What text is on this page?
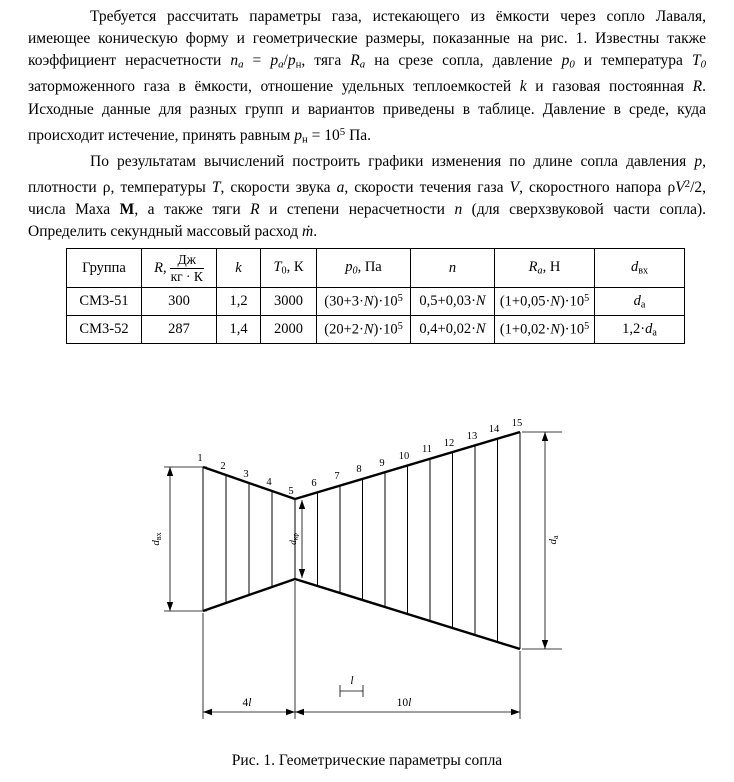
Требуется рассчитать параметры газа, истекающего из ёмкости через сопло Лаваля, имеющее коническую форму и геометрические размеры, показанные на рис. 1. Известны также коэффициент нерасчетности $n_a = p_a/p_н$, тяга $R_a$ на срезе сопла, давление $p_0$ и температура $T_0$ заторможенного газа в ёмкости, отношение удельных теплоемкостей k и газовая постоянная R. Исходные данные для разных групп и вариантов приведены в таблице. Давление в среде, куда происходит истечение, принять равным $p_н = 10^5$ Па.

По результатам вычислений построить графики изменения по длине сопла давления p, плотности ρ, температуры T, скорости звука a, скорости течения газа V, скоростного напора $\rho V^2/2$, числа Маха M, а также тяги R и степени нерасчетности n (для сверхзвуковой части сопла). Определить секундный массовый расход ṁ.

Группа	R, $\frac{Дж}{кг \cdot К}$	k	$T_0$, К	$p_0$, Па	n	$R_a$, Н	$d_{вх}$
СМ3-51	300	1,2	3000	$(30+3\cdot N)\cdot 10^5$	0,5+0,03·N	$(1+0,05\cdot N)\cdot 10^5$	$d_а$
СМ3-52	287	1,4	2000	$(20+2\cdot N)\cdot 10^5$	0,4+0,02·N	$(1+0,02\cdot N)\cdot 10^5$	$1,2\cdot d_а$
1
2
3
4
5
6
7
8
9
10
11
12
13
14
15
dвх
dкр
dа
4l	10l
l

Рис. 1. Геометрические параметры сопла
